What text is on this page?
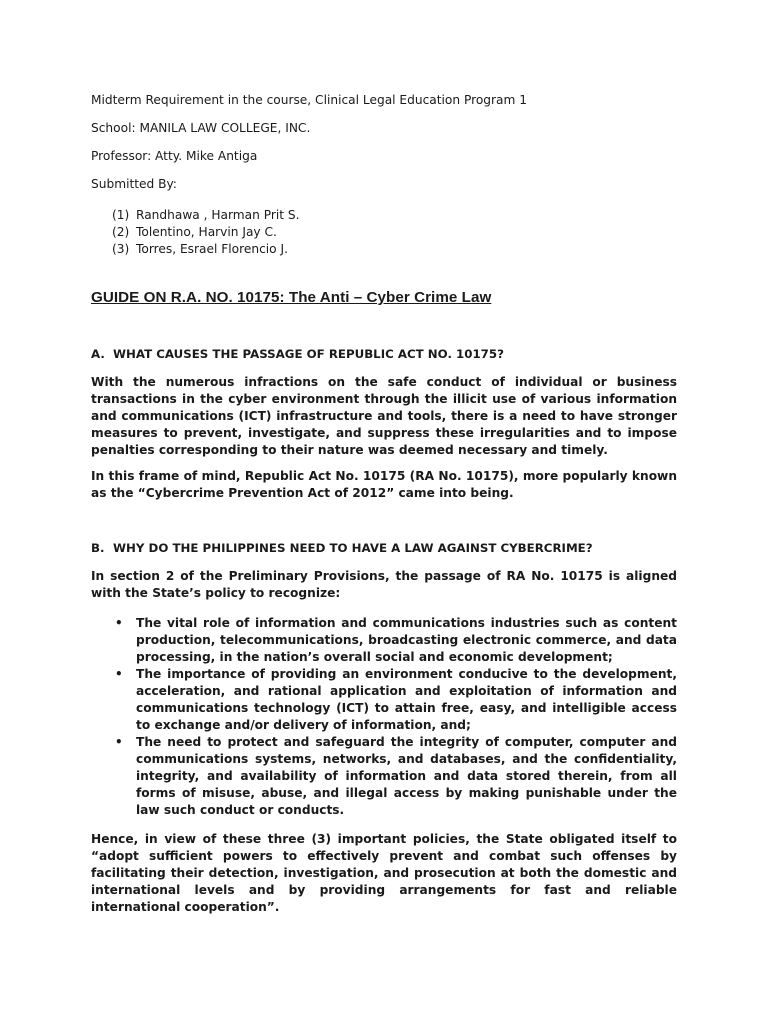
Midterm Requirement in the course, Clinical Legal Education Program 1

School: MANILA LAW COLLEGE, INC.

Professor: Atty. Mike Antiga

Submitted By:

(1) Randhawa , Harman Prit S.
(2) Tolentino, Harvin Jay C.
(3) Torres, Esrael Florencio J.
GUIDE ON R.A. NO. 10175: The Anti – Cyber Crime Law
A. WHAT CAUSES THE PASSAGE OF REPUBLIC ACT NO. 10175?

With the numerous infractions on the safe conduct of individual or business transactions in the cyber environment through the illicit use of various information and communications (ICT) infrastructure and tools, there is a need to have stronger measures to prevent, investigate, and suppress these irregularities and to impose penalties corresponding to their nature was deemed necessary and timely.

In this frame of mind, Republic Act No. 10175 (RA No. 10175), more popularly known as the “Cybercrime Prevention Act of 2012” came into being.

B. WHY DO THE PHILIPPINES NEED TO HAVE A LAW AGAINST CYBERCRIME?

In section 2 of the Preliminary Provisions, the passage of RA No. 10175 is aligned with the State’s policy to recognize:

•	The vital role of information and communications industries such as content production, telecommunications, broadcasting electronic commerce, and data processing, in the nation’s overall social and economic development;
•	The importance of providing an environment conducive to the development, acceleration, and rational application and exploitation of information and communications technology (ICT) to attain free, easy, and intelligible access to exchange and/or delivery of information, and;
•	The need to protect and safeguard the integrity of computer, computer and communications systems, networks, and databases, and the confidentiality, integrity, and availability of information and data stored therein, from all forms of misuse, abuse, and illegal access by making punishable under the law such conduct or conducts.

Hence, in view of these three (3) important policies, the State obligated itself to “adopt sufficient powers to effectively prevent and combat such offenses by facilitating their detection, investigation, and prosecution at both the domestic and international levels and by providing arrangements for fast and reliable international cooperation”.
